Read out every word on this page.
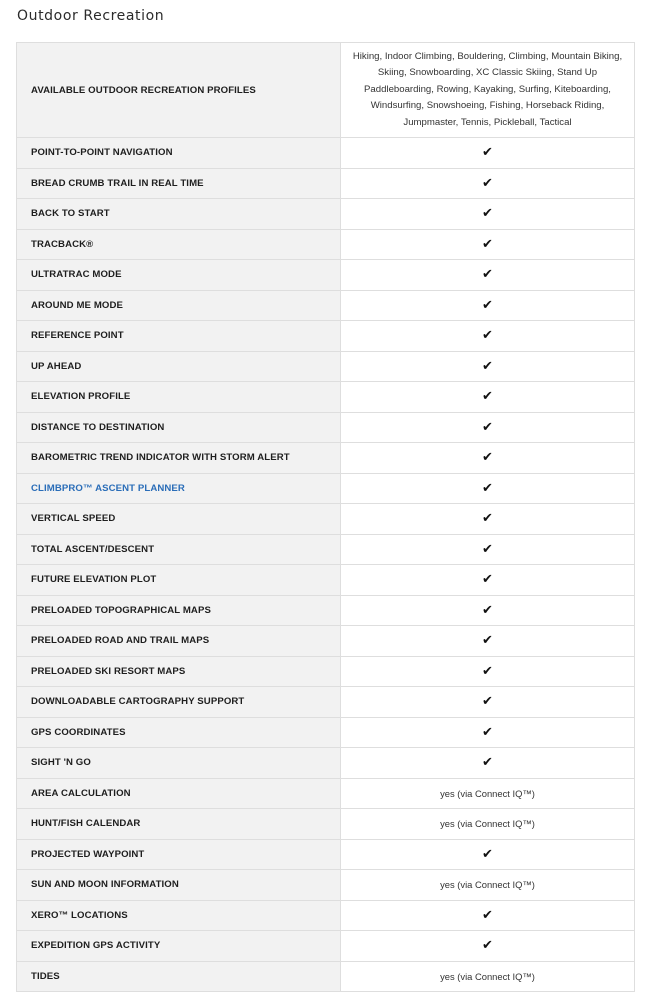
Outdoor Recreation
AVAILABLE OUTDOOR RECREATION PROFILES	Hiking, Indoor Climbing, Bouldering, Climbing, Mountain Biking, Skiing, Snowboarding, XC Classic Skiing, Stand Up Paddleboarding, Rowing, Kayaking, Surfing, Kiteboarding, Windsurfing, Snowshoeing, Fishing, Horseback Riding, Jumpmaster, Tennis, Pickleball, Tactical
POINT-TO-POINT NAVIGATION	✔
BREAD CRUMB TRAIL IN REAL TIME	✔
BACK TO START	✔
TRACBACK®	✔
ULTRATRAC MODE	✔
AROUND ME MODE	✔
REFERENCE POINT	✔
UP AHEAD	✔
ELEVATION PROFILE	✔
DISTANCE TO DESTINATION	✔
BAROMETRIC TREND INDICATOR WITH STORM ALERT	✔
CLIMBPRO™ ASCENT PLANNER	✔
VERTICAL SPEED	✔
TOTAL ASCENT/DESCENT	✔
FUTURE ELEVATION PLOT	✔
PRELOADED TOPOGRAPHICAL MAPS	✔
PRELOADED ROAD AND TRAIL MAPS	✔
PRELOADED SKI RESORT MAPS	✔
DOWNLOADABLE CARTOGRAPHY SUPPORT	✔
GPS COORDINATES	✔
SIGHT 'N GO	✔
AREA CALCULATION	yes (via Connect IQ™)
HUNT/FISH CALENDAR	yes (via Connect IQ™)
PROJECTED WAYPOINT	✔
SUN AND MOON INFORMATION	yes (via Connect IQ™)
XERO™ LOCATIONS	✔
EXPEDITION GPS ACTIVITY	✔
TIDES	yes (via Connect IQ™)
